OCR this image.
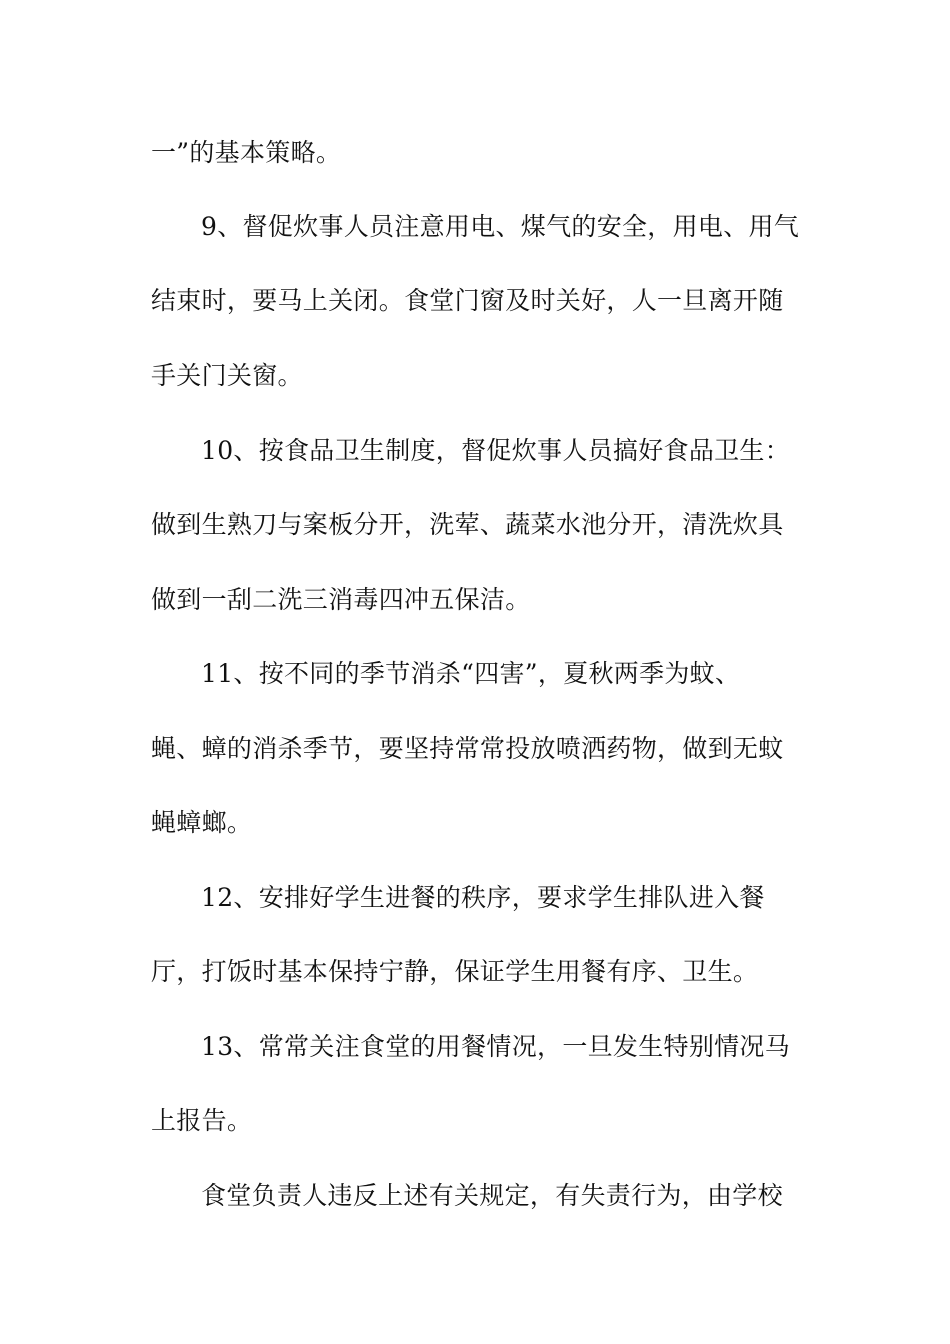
一”的基本策略。

9、督促炊事人员注意用电、煤气的安全，用电、用气

结束时，要马上关闭。食堂门窗及时关好，人一旦离开随

手关门关窗。

10、按食品卫生制度，督促炊事人员搞好食品卫生：

做到生熟刀与案板分开，洗荤、蔬菜水池分开，清洗炊具

做到一刮二洗三消毒四冲五保洁。

11、按不同的季节消杀“四害”，夏秋两季为蚊、

蝇、蟑的消杀季节，要坚持常常投放喷洒药物，做到无蚊

蝇蟑螂。

12、安排好学生进餐的秩序，要求学生排队进入餐

厅，打饭时基本保持宁静，保证学生用餐有序、卫生。

13、常常关注食堂的用餐情况，一旦发生特别情况马

上报告。

食堂负责人违反上述有关规定，有失责行为，由学校
